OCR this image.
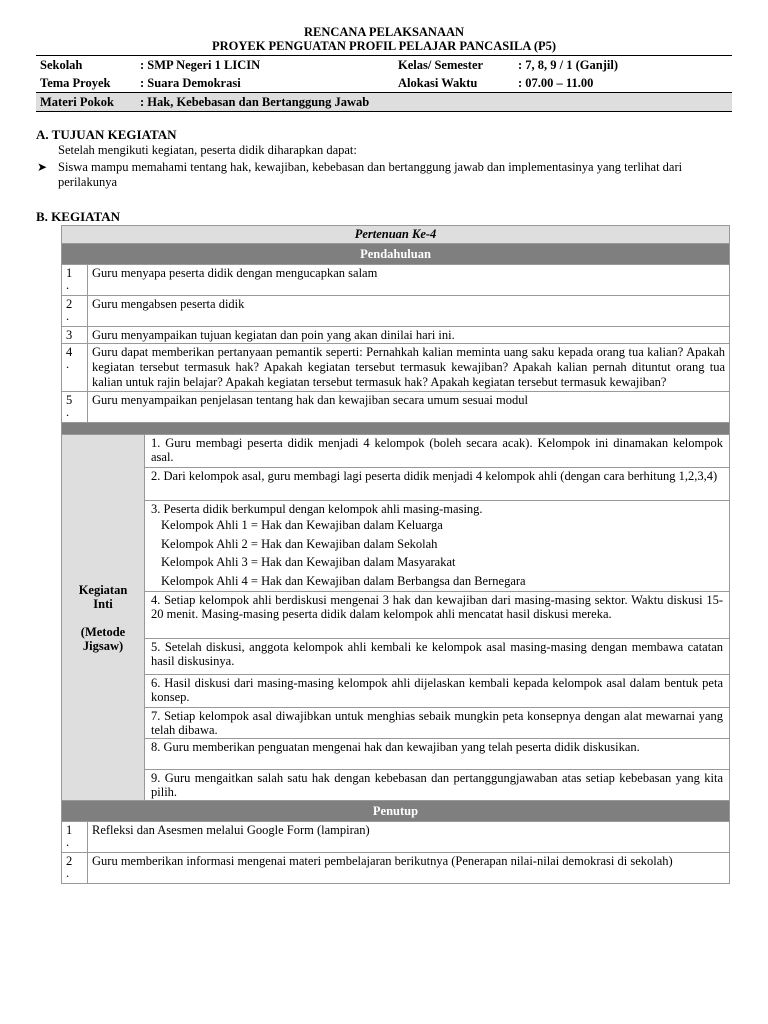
RENCANA PELAKSANAAN
PROYEK PENGUATAN PROFIL PELAJAR PANCASILA (P5)
Sekolah	: SMP Negeri 1 LICIN	Kelas/ Semester	: 7, 8, 9 / 1 (Ganjil)
Tema Proyek	: Suara Demokrasi	Alokasi Waktu	: 07.00 – 11.00
Materi Pokok	: Hak, Kebebasan dan Bertanggung Jawab		
A. TUJUAN KEGIATAN
Setelah mengikuti kegiatan, peserta didik diharapkan dapat:
➤ Siswa mampu memahami tentang hak, kewajiban, kebebasan dan bertanggung jawab dan implementasinya yang terlihat dari perilakunya
B. KEGIATAN
Pertenuan Ke-4		
Pendahuluan		
1
.	Guru menyapa peserta didik dengan mengucapkan salam	
2
.	Guru mengabsen peserta didik	
3	Guru menyampaikan tujuan kegiatan dan poin yang akan dinilai hari ini.	
4
.	Guru dapat memberikan pertanyaan pemantik seperti: Pernahkah kalian meminta uang saku kepada orang tua kalian? Apakah kegiatan tersebut termasuk hak? Apakah kegiatan tersebut termasuk kewajiban? Apakah kalian pernah dituntut orang tua kalian untuk rajin belajar? Apakah kegiatan tersebut termasuk hak? Apakah kegiatan tersebut termasuk kewajiban?	
5
.	Guru menyampaikan penjelasan tentang hak dan kewajiban secara umum sesuai modul	

Kegiatan
Inti

(Metode
Jigsaw)		1. Guru membagi peserta didik menjadi 4 kelompok (boleh secara acak). Kelompok ini dinamakan kelompok asal.
		2. Dari kelompok asal, guru membagi lagi peserta didik menjadi 4 kelompok ahli (dengan cara berhitung 1,2,3,4)
		3. Peserta didik berkumpul dengan kelompok ahli masing-masing.
Kelompok Ahli 1 = Hak dan Kewajiban dalam Keluarga
Kelompok Ahli 2 = Hak dan Kewajiban dalam Sekolah
Kelompok Ahli 3 = Hak dan Kewajiban dalam Masyarakat
Kelompok Ahli 4 = Hak dan Kewajiban dalam Berbangsa dan Bernegara

		4. Setiap kelompok ahli berdiskusi mengenai 3 hak dan kewajiban dari masing-masing sektor. Waktu diskusi 15-20 menit. Masing-masing peserta didik dalam kelompok ahli mencatat hasil diskusi mereka.
		5. Setelah diskusi, anggota kelompok ahli kembali ke kelompok asal masing-masing dengan membawa catatan hasil diskusinya.
		6. Hasil diskusi dari masing-masing kelompok ahli dijelaskan kembali kepada kelompok asal dalam bentuk peta konsep.
		7. Setiap kelompok asal diwajibkan untuk menghias sebaik mungkin peta konsepnya dengan alat mewarnai yang telah dibawa.
		8. Guru memberikan penguatan mengenai hak dan kewajiban yang telah peserta didik diskusikan.
		9. Guru mengaitkan salah satu hak dengan kebebasan dan pertanggungjawaban atas setiap kebebasan yang kita pilih.
Penutup		
1
.	Refleksi dan Asesmen melalui Google Form (lampiran)	
2
.	Guru memberikan informasi mengenai materi pembelajaran berikutnya (Penerapan nilai-nilai demokrasi di sekolah)	
